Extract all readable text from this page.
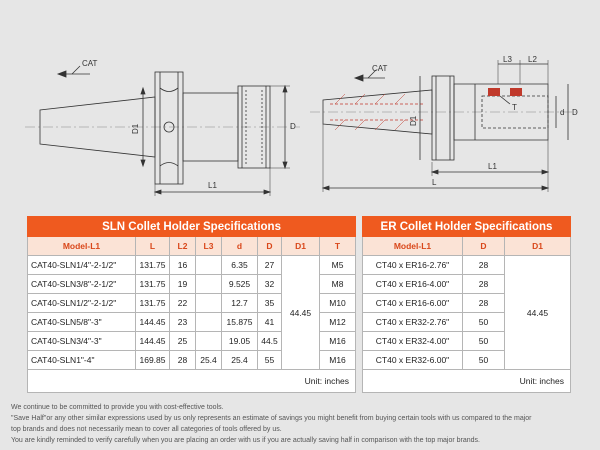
CAT
D1	D
L1
CAT
L3 L2
T
D1
d D
L1
L
SLN Collet Holder Specifications							
Model-L1	L	L2	L3	d	D	D1	T
CAT40-SLN1/4"-2-1/2"	131.75	16		6.35	27	44.45	M5
CAT40-SLN3/8"-2-1/2"	131.75	19		9.525	32		M8
CAT40-SLN1/2"-2-1/2"	131.75	22		12.7	35		M10
CAT40-SLN5/8"-3"	144.45	23		15.875	41		M12
CAT40-SLN3/4"-3"	144.45	25		19.05	44.5		M16
CAT40-SLN1"-4"	169.85	28	25.4	25.4	55		M16
Unit: inches							
ER Collet Holder Specifications		
Model-L1	D	D1
CT40 x ER16-2.76"	28	44.45
CT40 x ER16-4.00"	28	
CT40 x ER16-6.00"	28	
CT40 x ER32-2.76"	50	
CT40 x ER32-4.00"	50	
CT40 x ER32-6.00"	50	
Unit: inches		
We continue to be committed to provide you with cost-effective tools.
"Save Half"or any other similar expressions used by us only represents an estimate of savings you might benefit from buying certain tools with us compared to the major
top brands and does not necessarily mean to cover all categories of tools offered by us.
You are kindly reminded to verify carefully when you are placing an order with us if you are actually saving half in comparison with the top major brands.
